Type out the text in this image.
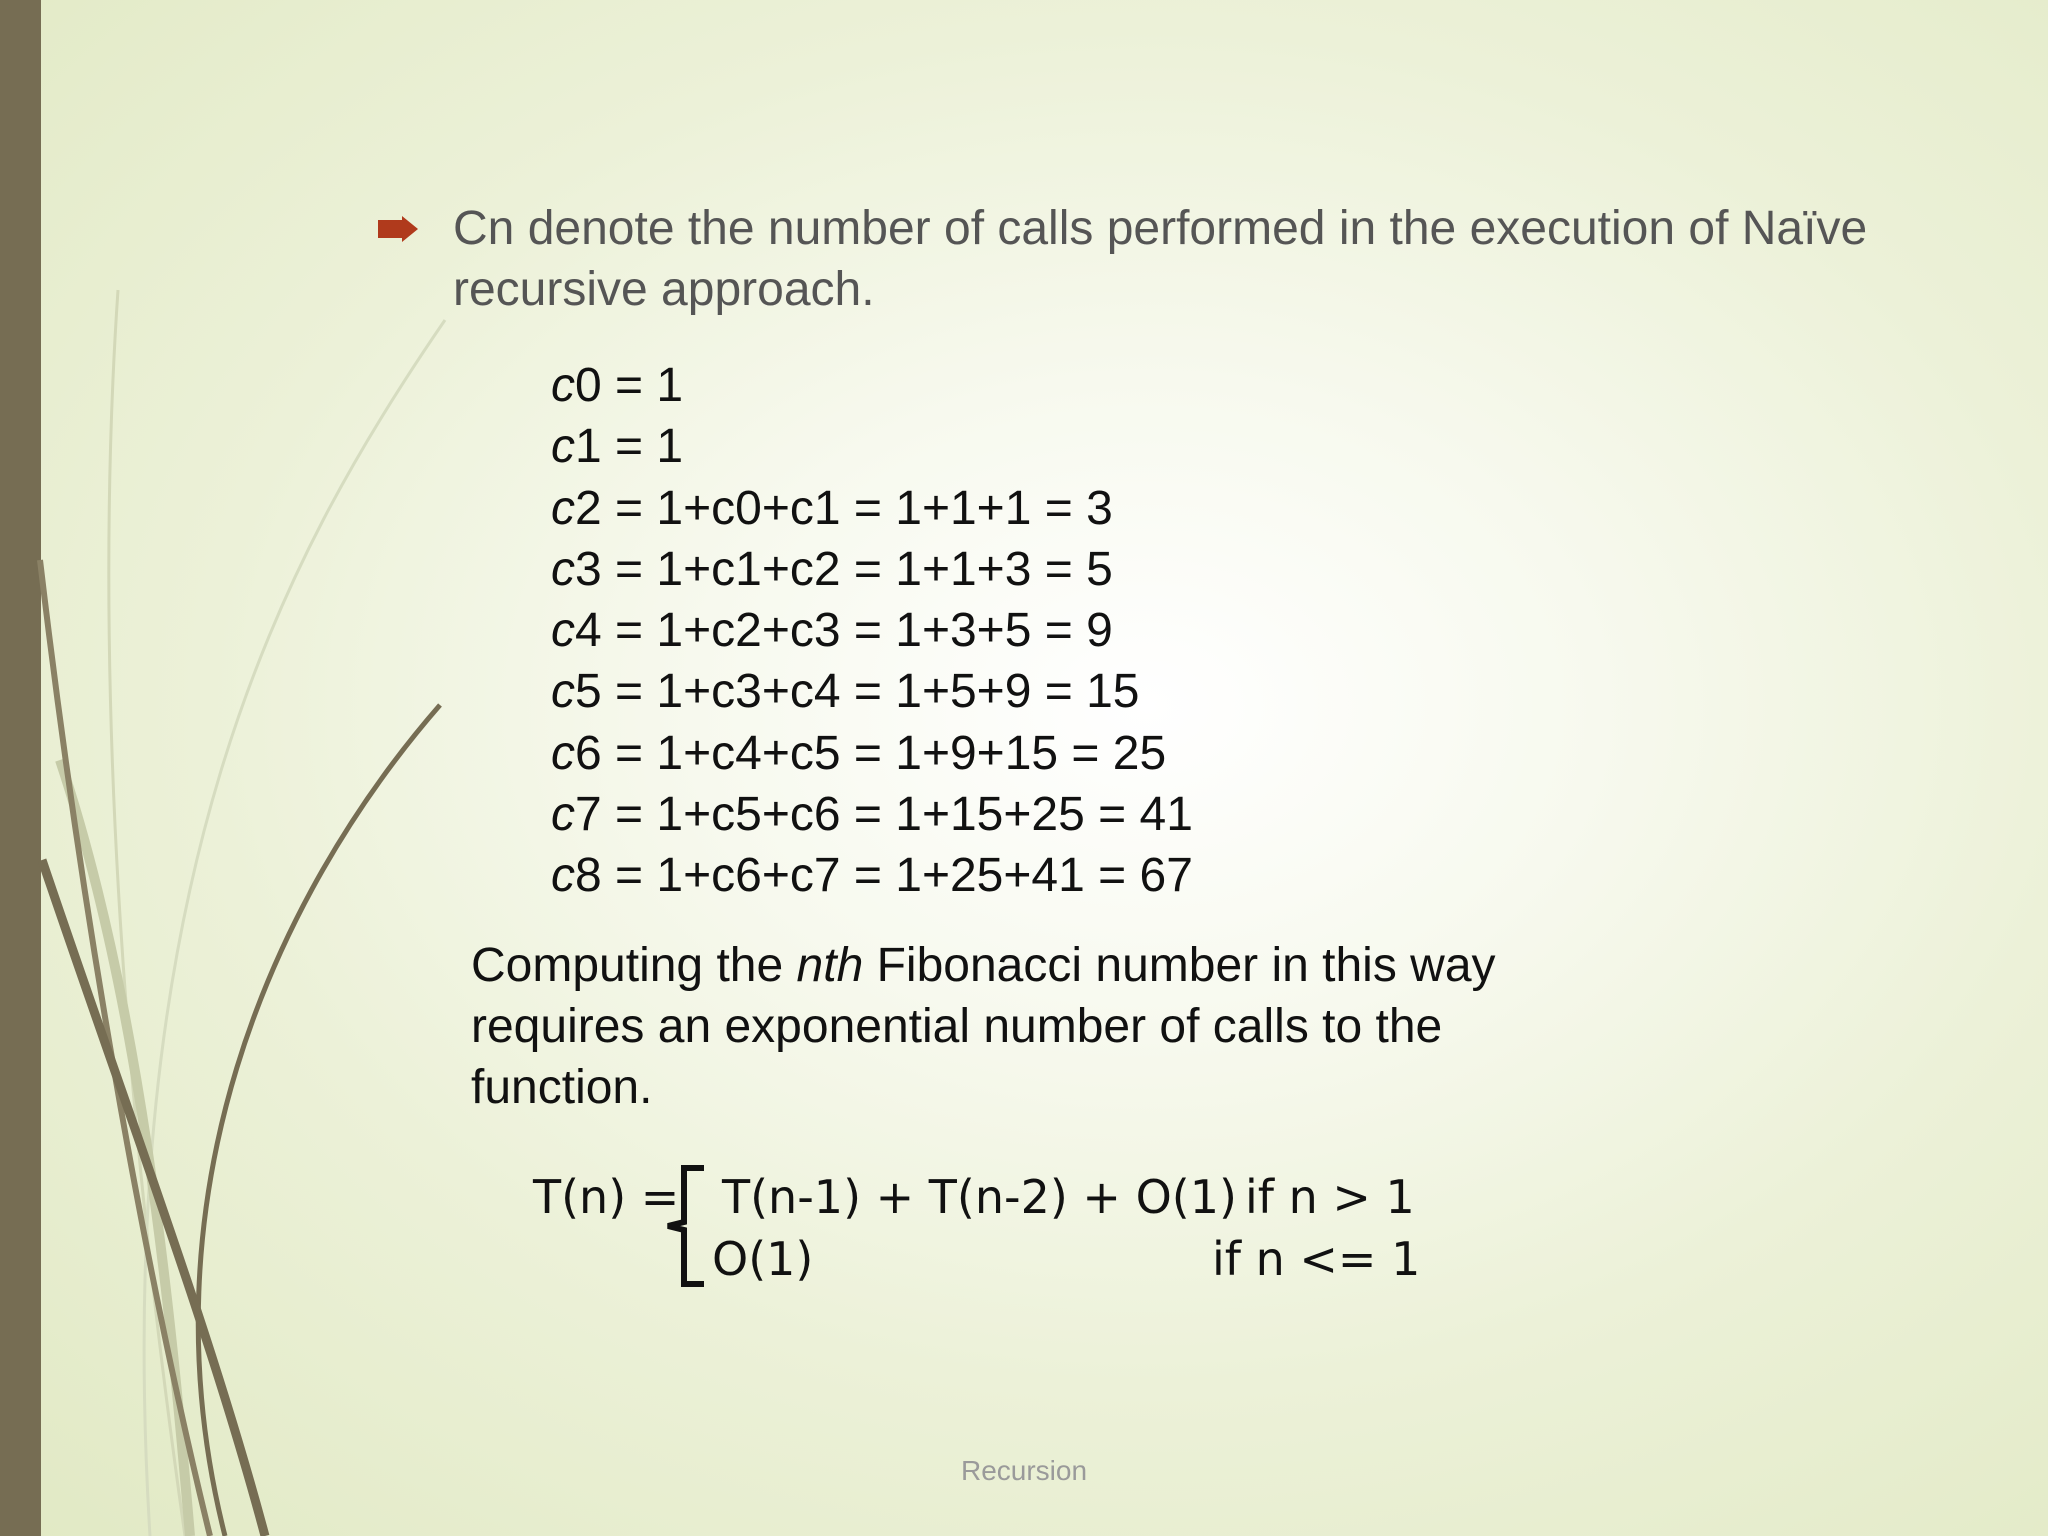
Cn denote the number of calls performed in the execution of Naïve recursive approach.
c0 = 1
c1 = 1
c2 = 1+c0+c1 = 1+1+1 = 3
c3 = 1+c1+c2 = 1+1+3 = 5
c4 = 1+c2+c3 = 1+3+5 = 9
c5 = 1+c3+c4 = 1+5+9 = 15
c6 = 1+c4+c5 = 1+9+15 = 25
c7 = 1+c5+c6 = 1+15+25 = 41
c8 = 1+c6+c7 = 1+25+41 = 67
Computing the nth Fibonacci number in this way requires an exponential number of calls to the function.
T(n) = T(n-1) + T(n-2) + O(1) if n > 1
O(1)	if n <= 1
Recursion
